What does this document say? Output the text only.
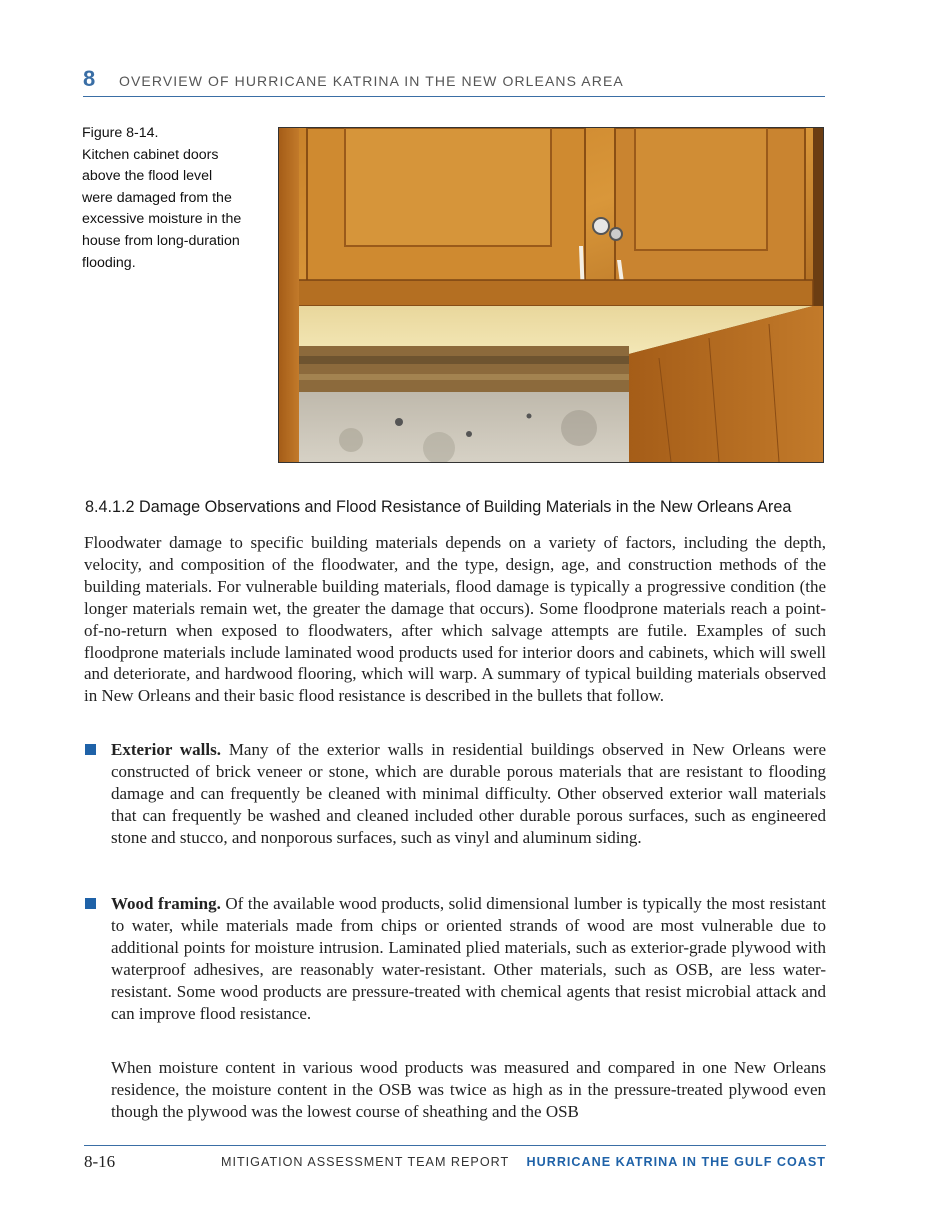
8 OVERVIEW OF HURRICANE KATRINA IN THE NEW ORLEANS AREA
Figure 8-14.
Kitchen cabinet doors
above the flood level
were damaged from the
excessive moisture in the
house from long-duration
flooding.
8.4.1.2 Damage Observations and Flood Resistance of Building Materials in the New Orleans Area
Floodwater damage to specific building materials depends on a variety of factors, including the depth, velocity, and composition of the floodwater, and the type, design, age, and construction methods of the building materials. For vulnerable building materials, flood damage is typically a progressive condition (the longer materials remain wet, the greater the damage that occurs). Some floodprone materials reach a point-of-no-return when exposed to floodwaters, after which salvage attempts are futile. Examples of such floodprone materials include laminated wood products used for interior doors and cabinets, which will swell and deteriorate, and hardwood flooring, which will warp. A summary of typical building materials observed in New Orleans and their basic flood resistance is described in the bullets that follow.
Exterior walls. Many of the exterior walls in residential buildings observed in New Orleans were constructed of brick veneer or stone, which are durable porous materials that are resistant to flooding damage and can frequently be cleaned with minimal difficulty. Other observed exterior wall materials that can frequently be washed and cleaned included other durable porous surfaces, such as engineered stone and stucco, and nonporous surfaces, such as vinyl and aluminum siding.
Wood framing. Of the available wood products, solid dimensional lumber is typically the most resistant to water, while materials made from chips or oriented strands of wood are most vulnerable due to additional points for moisture intrusion. Laminated plied materials, such as exterior-grade plywood with waterproof adhesives, are reasonably water-resistant. Other materials, such as OSB, are less water-resistant. Some wood products are pressure-treated with chemical agents that resist microbial attack and can improve flood resistance.
When moisture content in various wood products was measured and compared in one New Orleans residence, the moisture content in the OSB was twice as high as in the pressure-treated plywood even though the plywood was the lowest course of sheathing and the OSB
8-16	MITIGATION ASSESSMENT TEAM REPORT HURRICANE KATRINA IN THE GULF COAST
